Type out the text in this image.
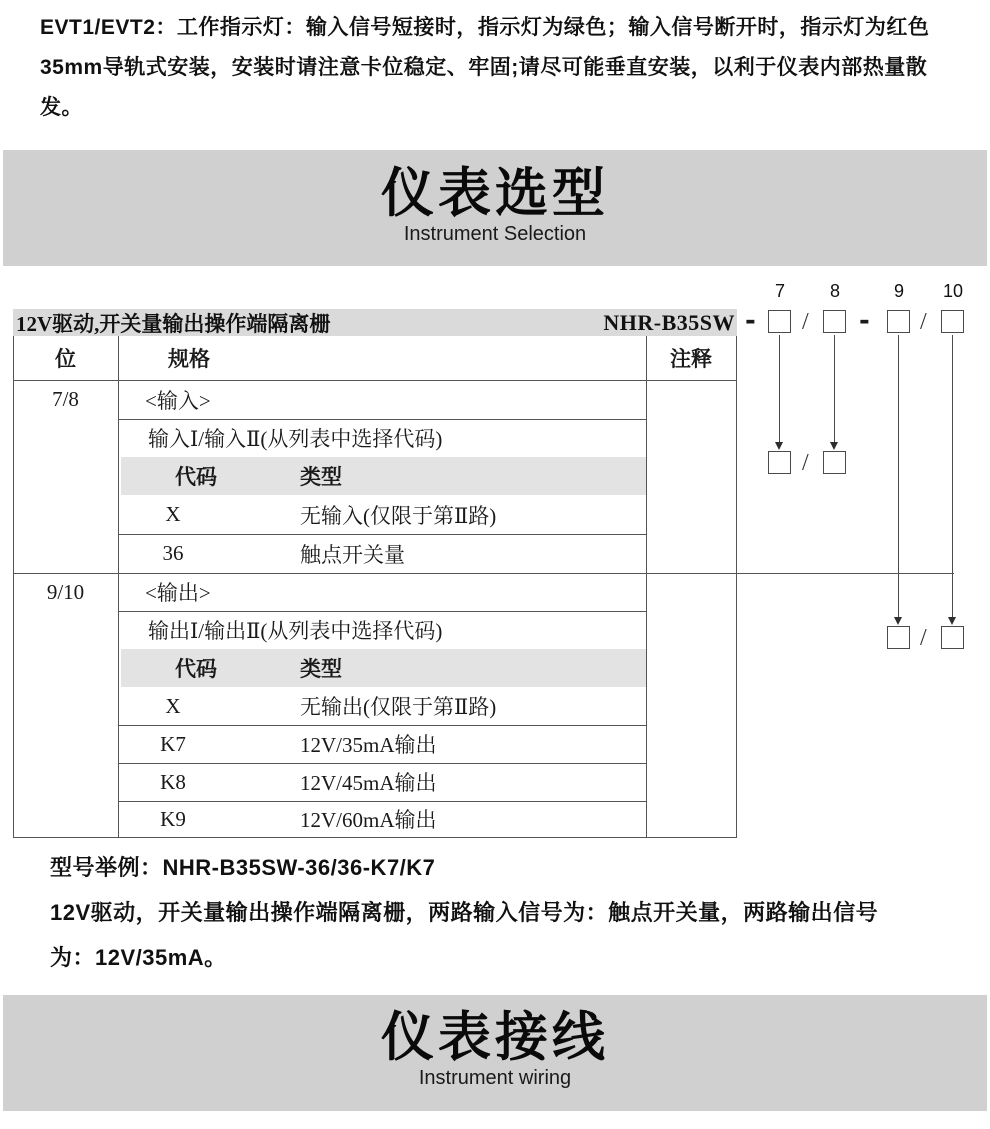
EVT1/EVT2：工作指示灯：输入信号短接时，指示灯为绿色；输入信号断开时，指示灯为红色

35mm导轨式安装，安装时请注意卡位稳定、牢固;请尽可能垂直安装，以利于仪表内部热量散发。

仪表选型
Instrument Selection
12V驱动,开关量输出操作端隔离栅	NHR-B35SW
7 8	9 10
- / - /
/
/
位	规格	注释
7/8	<输入>
输入Ⅰ/输入Ⅱ(从列表中选择代码)
代码	类型
X	无输入(仅限于第Ⅱ路)
36	触点开关量
9/10	<输出>
输出Ⅰ/输出Ⅱ(从列表中选择代码)
代码	类型
X	无输出(仅限于第Ⅱ路)
K7	12V/35mA输出
K8	12V/45mA输出
K9	12V/60mA输出

型号举例：NHR-B35SW-36/36-K7/K7

12V驱动，开关量输出操作端隔离栅，两路输入信号为：触点开关量，两路输出信号

为：12V/35mA。

仪表接线
Instrument wiring
